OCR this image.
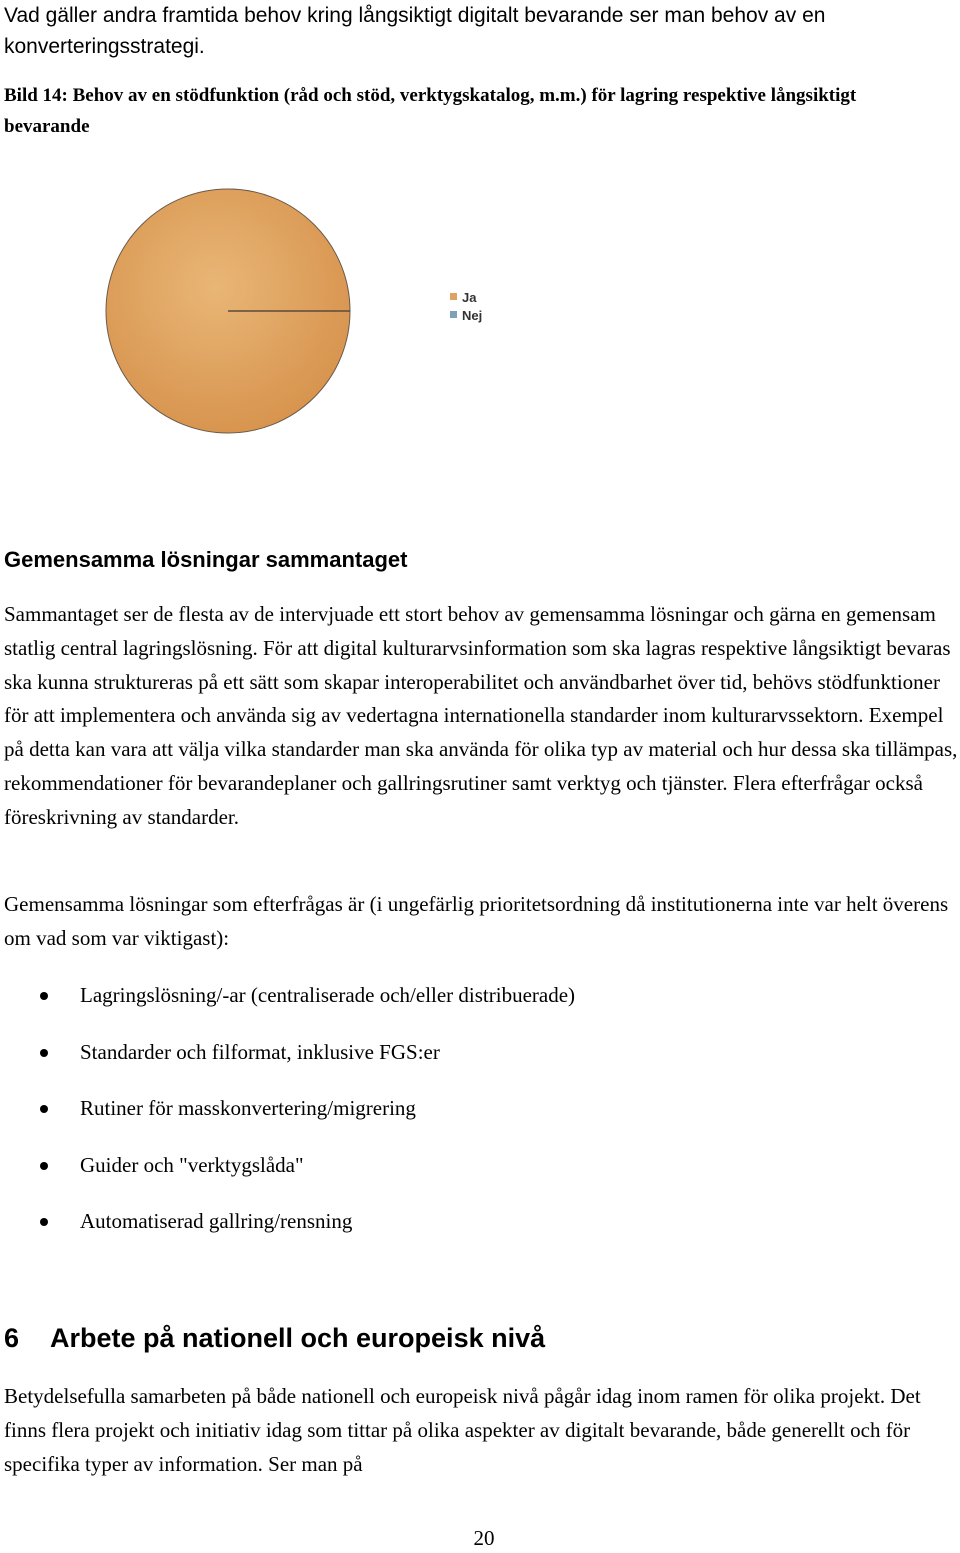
Vad gäller andra framtida behov kring långsiktigt digitalt bevarande ser man behov av en konverteringsstrategi.

Bild 14: Behov av en stödfunktion (råd och stöd, verktygskatalog, m.m.) för lagring respektive långsiktigt bevarande

Ja
Nej
Gemensamma lösningar sammantaget

Sammantaget ser de flesta av de intervjuade ett stort behov av gemensamma lösningar och gärna en gemensam statlig central lagringslösning. För att digital kulturarvsinformation som ska lagras respektive långsiktigt bevaras ska kunna struktureras på ett sätt som skapar interoperabilitet och användbarhet över tid, behövs stödfunktioner för att implementera och använda sig av vedertagna internationella standarder inom kulturarvssektorn. Exempel på detta kan vara att välja vilka standarder man ska använda för olika typ av material och hur dessa ska tillämpas, rekommendationer för bevarandeplaner och gallringsrutiner samt verktyg och tjänster. Flera efterfrågar också föreskrivning av standarder.

Gemensamma lösningar som efterfrågas är (i ungefärlig prioritetsordning då institutionerna inte var helt överens om vad som var viktigast):

Lagringslösning/-ar (centraliserade och/eller distribuerade)
Standarder och filformat, inklusive FGS:er
Rutiner för masskonvertering/migrering
Guider och "verktygslåda"
Automatiserad gallring/rensning
6 Arbete på nationell och europeisk nivå

Betydelsefulla samarbeten på både nationell och europeisk nivå pågår idag inom ramen för olika projekt. Det finns flera projekt och initiativ idag som tittar på olika aspekter av digitalt bevarande, både generellt och för specifika typer av information. Ser man på

20
